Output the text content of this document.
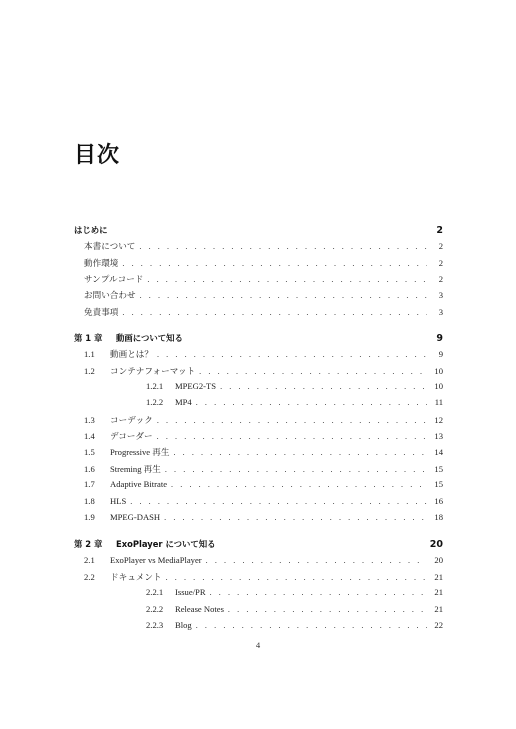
目次
はじめに	2
本書について . . .	2
動作環境 . . .	2
サンプルコード . . .	2
お問い合わせ . . .	3
免責事項 . . .	3
第 1 章	動画について知る	9
1.1	動画とは？ . . .	9
1.2	コンテナフォーマット . . .	10
1.2.1	MPEG2-TS . . .	10
1.2.2	MP4 . . .	11
1.3	コーデック . . .	12
1.4	デコーダー . . .	13
1.5	Progressive 再生 . . .	14
1.6	Streming 再生 . . .	15
1.7	Adaptive Bitrate . . .	15
1.8	HLS . . .	16
1.9	MPEG-DASH . . .	18
第 2 章	ExoPlayer について知る	20
2.1	ExoPlayer vs MediaPlayer . . .	20
2.2	ドキュメント . . .	21
2.2.1	Issue/PR . . .	21
2.2.2	Release Notes . . .	21
2.2.3	Blog . . .	22
4
